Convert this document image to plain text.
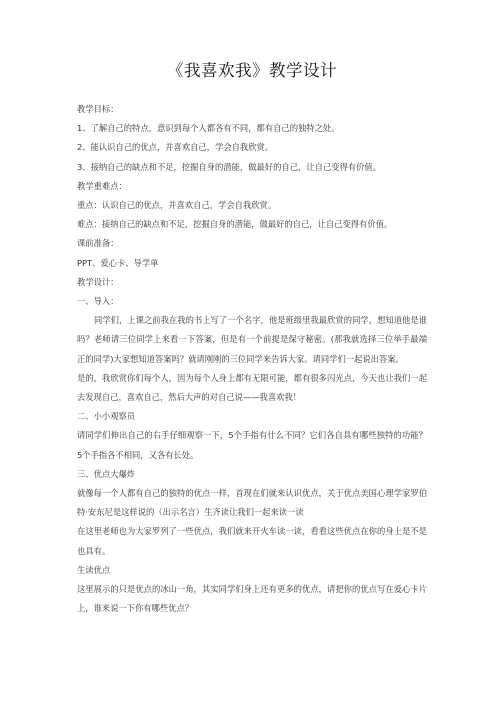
《我喜欢我》教学设计

教学目标：

1、了解自己的特点，意识到每个人都各有不同，都有自己的独特之处。

2、能认识自己的优点，并喜欢自己，学会自我欣赏。

3、接纳自己的缺点和不足，挖掘自身的潜能，做最好的自己，让自己变得有价值。

教学重难点：

重点：认识自己的优点，并喜欢自己，学会自我欣赏。

难点：接纳自己的缺点和不足，挖掘自身的潜能，做最好的自己，让自己变得有价值。

课前准备：

PPT、爱心卡、导学单

教学设计：

一、导入：

同学们，上课之前我在我的书上写了一个名字，他是班级里我最欣赏的同学，想知道他是谁吗？老师请三位同学上来看一下答案，但是有一个前提是保守秘密。(那我就选择三位举手最端正的同学)大家想知道答案吗？就请刚刚的三位同学来告诉大家。请同学们一起说出答案。

是的，我欣赏你们每个人，因为每个人身上都有无限可能，都有很多闪光点，今天也让我们一起去发现自己，喜欢自己，然后大声的对自己说——我喜欢我！

二、小小观察员

请同学们伸出自己的右手仔细观察一下，5个手指有什么不同？它们各自具有哪些独特的功能？5个手指各不相同，又各有长处。

三、优点大爆炸

就像每一个人都有自己的独特的优点一样，首现在们就来认识优点，关于优点美国心理学家罗伯特·安东尼是这样说的（出示名言）生齐读让我们一起来读一读

在这里老师也为大家罗列了一些优点，我们就来开火车读一读，看看这些优点在你的身上是不是也具有。

生读优点

这里展示的只是优点的冰山一角，其实同学们身上还有更多的优点，请把你的优点写在爱心卡片上，谁来说一下你有哪些优点？
